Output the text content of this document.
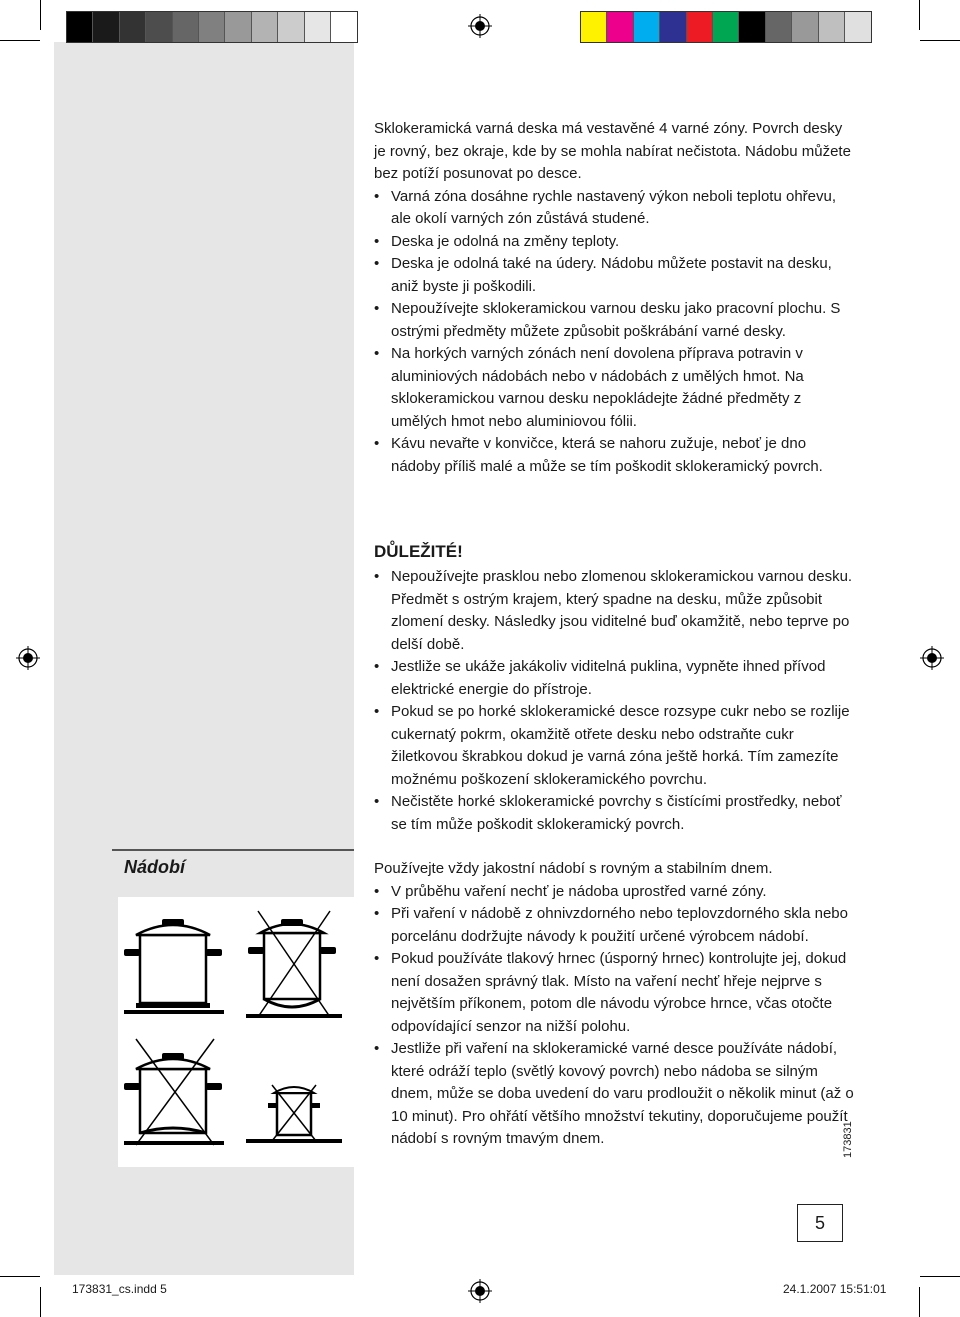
Sklokeramická varná deska má vestavěné 4 varné zóny. Povrch desky je rovný, bez okraje, kde by se mohla nabírat nečistota. Nádobu můžete bez potíží posunovat po desce.

• Varná zóna dosáhne rychle nastavený výkon neboli teplotu ohřevu, ale okolí varných zón zůstává studené.
• Deska je odolná na změny teploty.
• Deska je odolná také na údery. Nádobu můžete postavit na desku, aniž byste ji poškodili.
• Nepoužívejte sklokeramickou varnou desku jako pracovní plochu. S ostrými předměty můžete způsobit poškrábání varné desky.
• Na horkých varných zónách není dovolena příprava potravin v aluminiových nádobách nebo v nádobách z umělých hmot. Na sklokeramickou varnou desku nepokládejte žádné předměty z umělých hmot nebo aluminiovou fólii.
• Kávu nevařte v konvičce, která se nahoru zužuje, neboť je dno nádoby příliš malé a může se tím poškodit sklokeramický povrch.
DŮLEŽITÉ!
• Nepoužívejte prasklou nebo zlomenou sklokeramickou varnou desku. Předmět s ostrým krajem, který spadne na desku, může způsobit zlomení desky. Následky jsou viditelné buď okamžitě, nebo teprve po delší době.
• Jestliže se ukáže jakákoliv viditelná puklina, vypněte ihned přívod elektrické energie do přístroje.
• Pokud se po horké sklokeramické desce rozsype cukr nebo se rozlije cukernatý pokrm, okamžitě otřete desku nebo odstraňte cukr žiletkovou škrabkou dokud je varná zóna ještě horká. Tím zamezíte možnému poškození sklokeramického povrchu.
• Nečistěte horké sklokeramické povrchy s čistícími prostředky, neboť se tím může poškodit sklokeramický povrch.
Nádobí	Používejte vždy jakostní nádobí s rovným a stabilním dnem.

• V průběhu vaření nechť je nádoba uprostřed varné zóny.
• Při vaření v nádobě z ohnivzdorného nebo teplovzdorného skla nebo porcelánu dodržujte návody k použití určené výrobcem nádobí.
• Pokud používáte tlakový hrnec (úsporný hrnec) kontrolujte jej, dokud není dosažen správný tlak. Místo na vaření nechť hřeje nejprve s největším příkonem, potom dle návodu výrobce hrnce, včas otočte odpovídající senzor na nižší polohu.
• Jestliže při vaření na sklokeramické varné desce používáte nádobí, které odráží teplo (světlý kovový povrch) nebo nádoba se silným dnem, může se doba uvedení do varu prodloužit o několik minut (až o 10 minut). Pro ohřátí většího množství tekutiny, doporučujeme použít nádobí s rovným tmavým dnem.	173831
5
173831_cs.indd 5	24.1.2007 15:51:01
